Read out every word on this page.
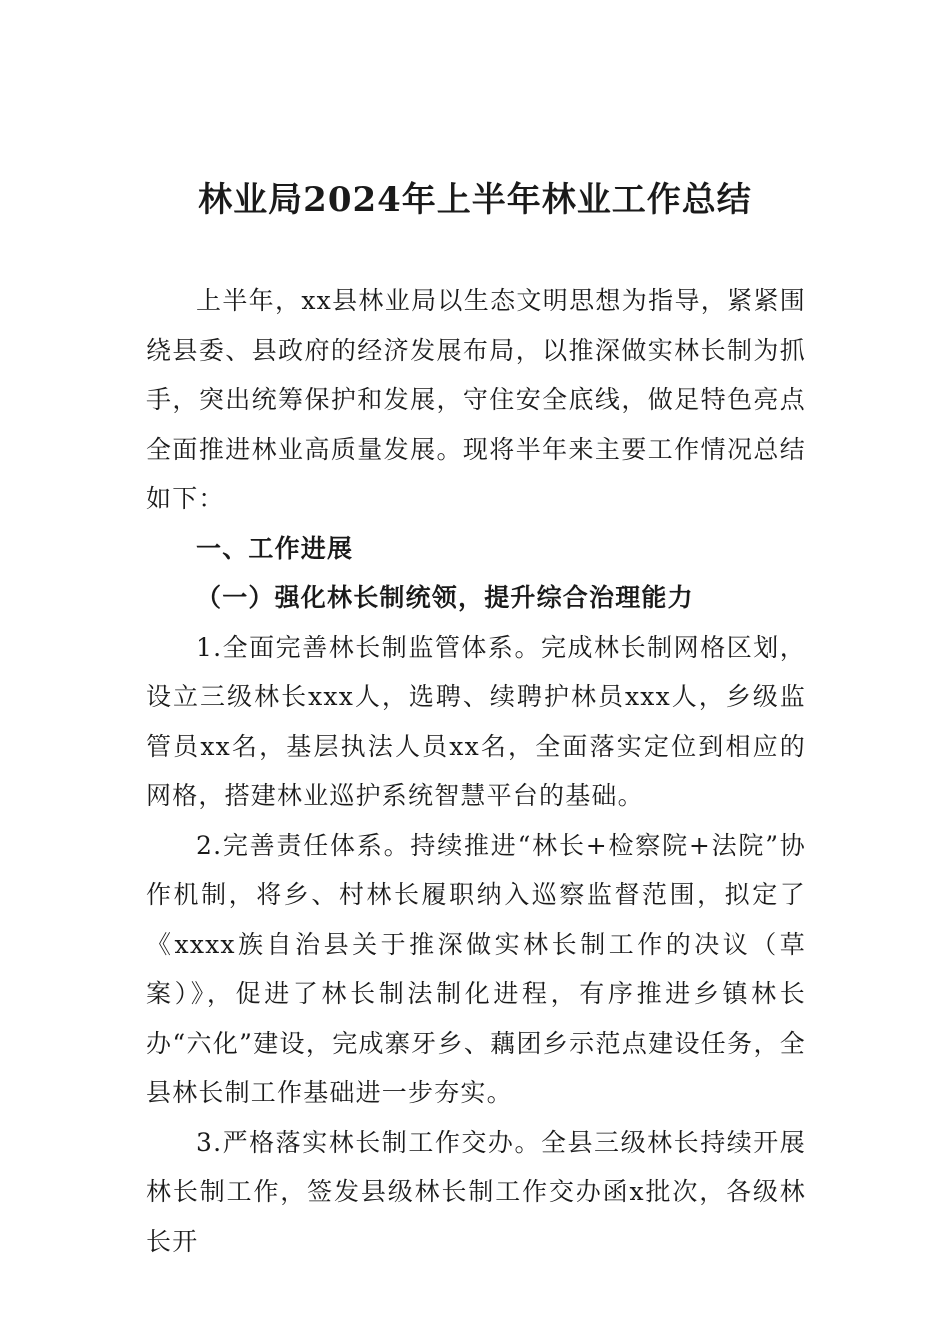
林业局2024年上半年林业工作总结

上半年，xx县林业局以生态文明思想为指导，紧紧围绕县委、县政府的经济发展布局，以推深做实林长制为抓手，突出统筹保护和发展，守住安全底线，做足特色亮点全面推进林业高质量发展。现将半年来主要工作情况总结如下：

一、工作进展

（一）强化林长制统领，提升综合治理能力

1.全面完善林长制监管体系。完成林长制网格区划，设立三级林长xxx人，选聘、续聘护林员xxx人，乡级监管员xx名，基层执法人员xx名，全面落实定位到相应的网格，搭建林业巡护系统智慧平台的基础。

2.完善责任体系。持续推进“林长+检察院+法院”协作机制，将乡、村林长履职纳入巡察监督范围，拟定了《xxxx族自治县关于推深做实林长制工作的决议（草案）》，促进了林长制法制化进程，有序推进乡镇林长办“六化”建设，完成寨牙乡、藕团乡示范点建设任务，全县林长制工作基础进一步夯实。

3.严格落实林长制工作交办。全县三级林长持续开展林长制工作，签发县级林长制工作交办函x批次，各级林长开
